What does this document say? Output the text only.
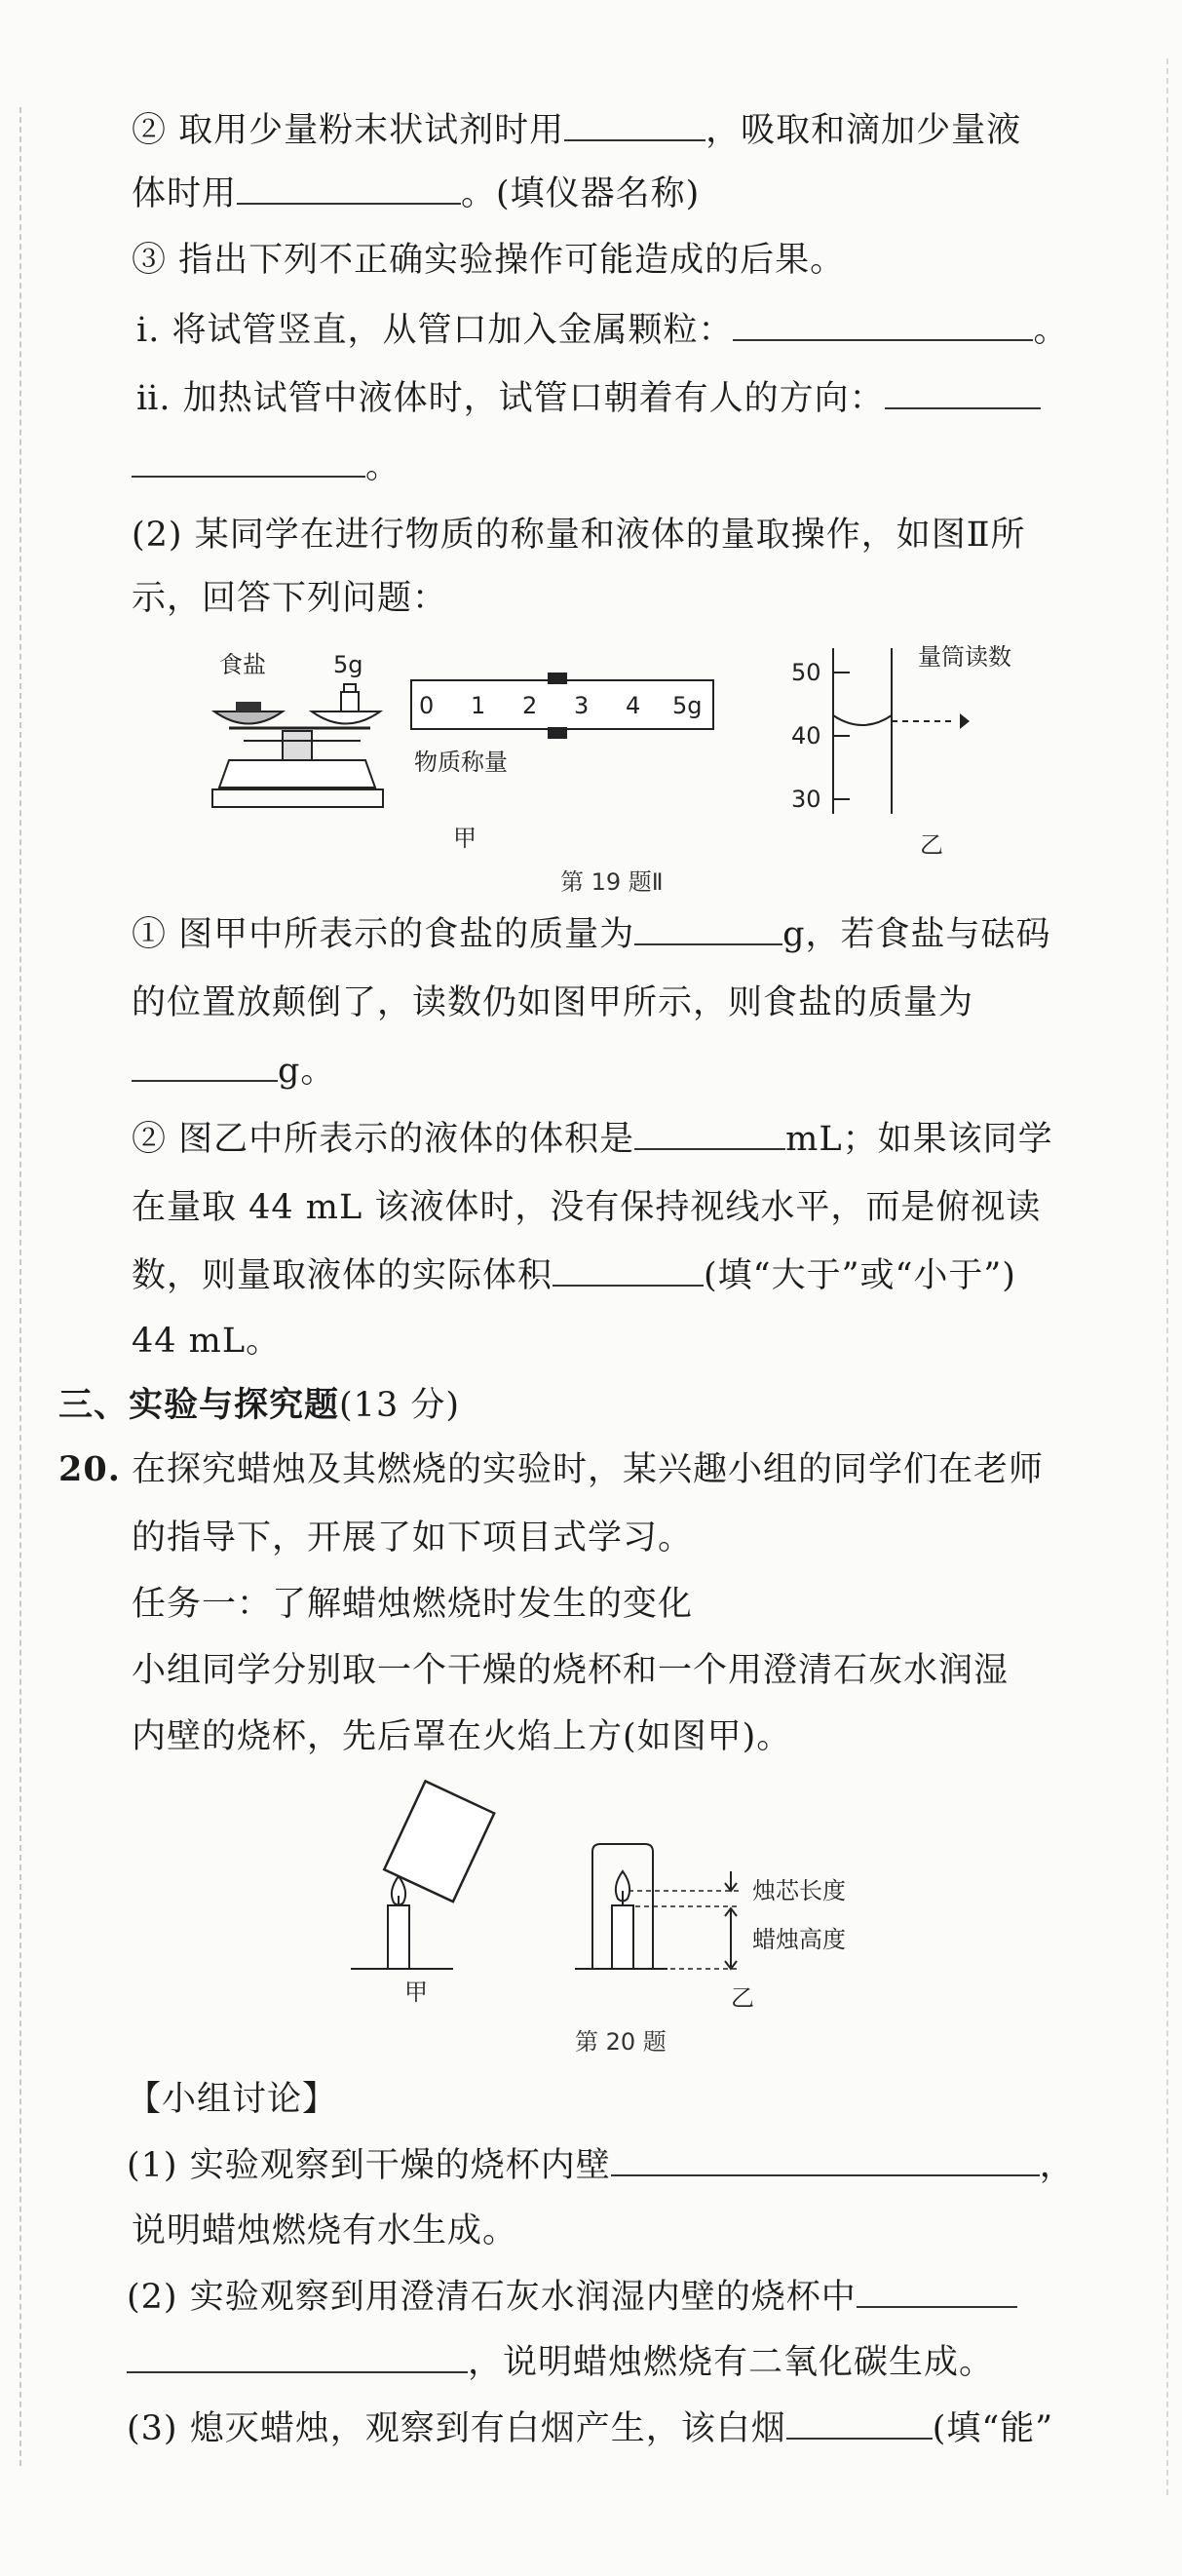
② 取用少量粉末状试剂时用	，吸取和滴加少量液
体时用	。(填仪器名称)
③ 指出下列不正确实验操作可能造成的后果。
ⅰ. 将试管竖直，从管口加入金属颗粒：	。
ⅱ. 加热试管中液体时，试管口朝着有人的方向：
。
(2) 某同学在进行物质的称量和液体的量取操作，如图Ⅱ所
示，回答下列问题：
食盐	5g
0 1 2 3 4 5g
物质称量
50
40
30
量筒读数
甲	乙
第 19 题Ⅱ
① 图甲中所表示的食盐的质量为	g，若食盐与砝码
的位置放颠倒了，读数仍如图甲所示，则食盐的质量为
g。
② 图乙中所表示的液体的体积是	mL；如果该同学
在量取 44 mL 该液体时，没有保持视线水平，而是俯视读
数，则量取液体的实际体积	(填“大于”或“小于”)
44 mL。
三、实验与探究题(13 分)
20. 在探究蜡烛及其燃烧的实验时，某兴趣小组的同学们在老师
的指导下，开展了如下项目式学习。
任务一：了解蜡烛燃烧时发生的变化
小组同学分别取一个干燥的烧杯和一个用澄清石灰水润湿
内壁的烧杯，先后罩在火焰上方(如图甲)。
甲
烛芯长度
蜡烛高度
乙
第 20 题
【小组讨论】
(1) 实验观察到干燥的烧杯内壁	，
说明蜡烛燃烧有水生成。
(2) 实验观察到用澄清石灰水润湿内壁的烧杯中
，说明蜡烛燃烧有二氧化碳生成。
(3) 熄灭蜡烛，观察到有白烟产生，该白烟	(填“能”
